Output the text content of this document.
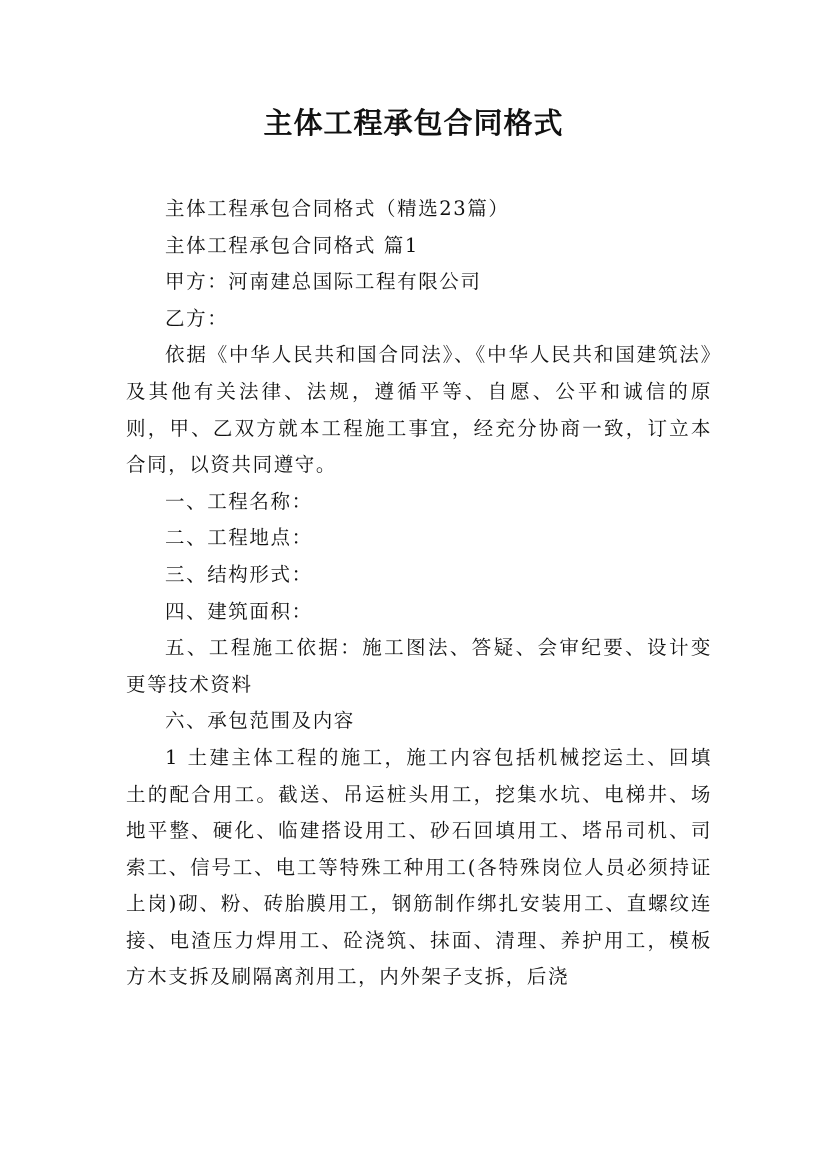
主体工程承包合同格式

主体工程承包合同格式（精选23篇）

主体工程承包合同格式 篇1

甲方：河南建总国际工程有限公司

乙方：

依据《中华人民共和国合同法》、《中华人民共和国建筑法》及其他有关法律、法规，遵循平等、自愿、公平和诚信的原则，甲、乙双方就本工程施工事宜，经充分协商一致，订立本合同，以资共同遵守。

一、工程名称：

二、工程地点：

三、结构形式：

四、建筑面积：

五、工程施工依据：施工图法、答疑、会审纪要、设计变更等技术资料

六、承包范围及内容

1 土建主体工程的施工，施工内容包括机械挖运土、回填土的配合用工。截送、吊运桩头用工，挖集水坑、电梯井、场地平整、硬化、临建搭设用工、砂石回填用工、塔吊司机、司索工、信号工、电工等特殊工种用工(各特殊岗位人员必须持证上岗)砌、粉、砖胎膜用工，钢筋制作绑扎安装用工、直螺纹连接、电渣压力焊用工、砼浇筑、抹面、清理、养护用工，模板方木支拆及刷隔离剂用工，内外架子支拆，后浇
